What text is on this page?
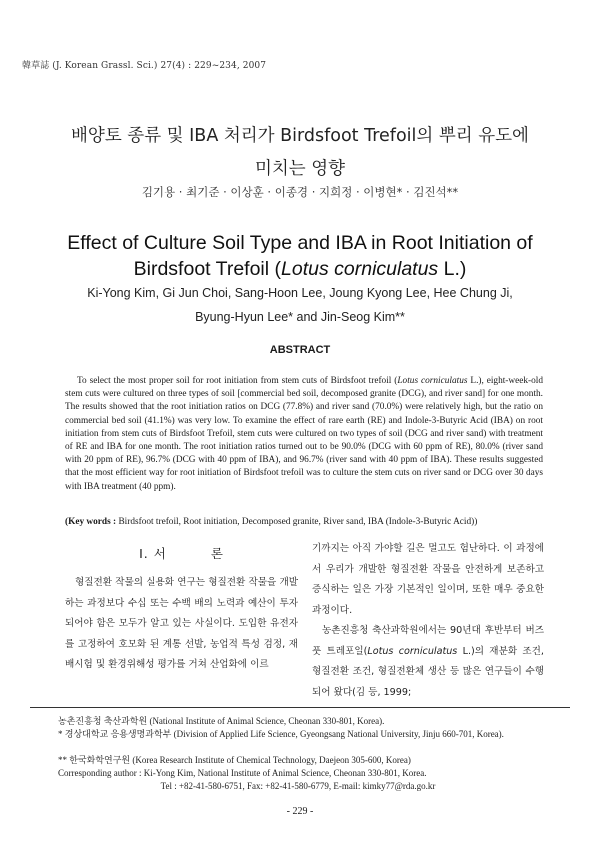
韓草誌 (J. Korean Grassl. Sci.) 27(4) : 229~234, 2007
배양토 종류 및 IBA 처리가 Birdsfoot Trefoil의 뿌리 유도에
미치는 영향
김기용 · 최기준 · 이상훈 · 이종경 · 지희정 · 이병현* · 김진석**
Effect of Culture Soil Type and IBA in Root Initiation of
Birdsfoot Trefoil (Lotus corniculatus L.)
Ki-Yong Kim, Gi Jun Choi, Sang-Hoon Lee, Joung Kyong Lee, Hee Chung Ji,
Byung-Hyun Lee* and Jin-Seog Kim**
ABSTRACT
To select the most proper soil for root initiation from stem cuts of Birdsfoot trefoil (Lotus corniculatus L.), eight-week-old stem cuts were cultured on three types of soil [commercial bed soil, decomposed granite (DCG), and river sand] for one month. The results showed that the root initiation ratios on DCG (77.8%) and river sand (70.0%) were relatively high, but the ratio on commercial bed soil (41.1%) was very low. To examine the effect of rare earth (RE) and Indole-3-Butyric Acid (IBA) on root initiation from stem cuts of Birdsfoot Trefoil, stem cuts were cultured on two types of soil (DCG and river sand) with treatment of RE and IBA for one month. The root initiation ratios turned out to be 90.0% (DCG with 60 ppm of RE), 80.0% (river sand with 20 ppm of RE), 96.7% (DCG with 40 ppm of IBA), and 96.7% (river sand with 40 ppm of IBA). These results suggested that the most efficient way for root initiation of Birdsfoot trefoil was to culture the stem cuts on river sand or DCG over 30 days with IBA treatment (40 ppm).
(Key words : Birdsfoot trefoil, Root initiation, Decomposed granite, River sand, IBA (Indole-3-Butyric Acid))
Ⅰ. 서	론
형질전환 작물의 실용화 연구는 형질전환 작물을 개발하는 과정보다 수십 또는 수백 배의 노력과 예산이 투자되어야 함은 모두가 알고 있는 사실이다. 도입한 유전자를 고정하여 호모화 된 계통 선발, 농업적 특성 검정, 재배시험 및 환경위해성 평가를 거쳐 산업화에 이르

기까지는 아직 가야할 길은 멀고도 험난하다. 이 과정에서 우리가 개발한 형질전환 작물을 안전하게 보존하고 증식하는 일은 가장 기본적인 일이며, 또한 매우 중요한 과정이다.

농촌진흥청 축산과학원에서는 90년대 후반부터 버즈풋 트레포일(Lotus corniculatus L.)의 재분화 조건, 형질전환 조건, 형질전환체 생산 등 많은 연구들이 수행되어 왔다(김 등, 1999;

농촌진흥청 축산과학원 (National Institute of Animal Science, Cheonan 330-801, Korea).
* 경상대학교 응용생명과학부 (Division of Applied Life Science, Gyeongsang National University, Jinju 660-701, Korea).
** 한국화학연구원 (Korea Research Institute of Chemical Technology, Daejeon 305-600, Korea)
Corresponding author : Ki-Yong Kim, National Institute of Animal Science, Cheonan 330-801, Korea.
Tel : +82-41-580-6751, Fax: +82-41-580-6779, E-mail: kimky77@rda.go.kr
- 229 -
